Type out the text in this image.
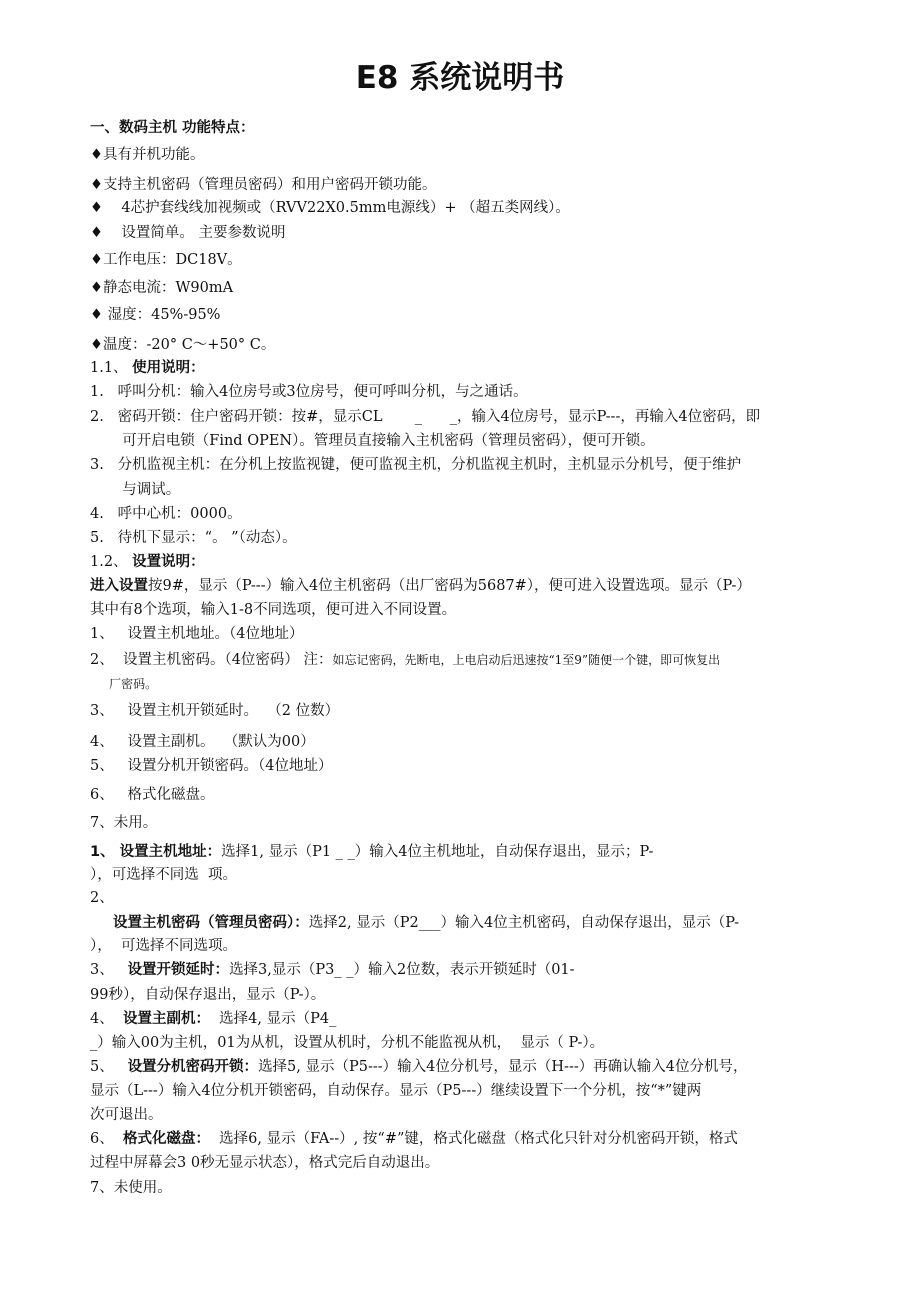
E8 系统说明书
一、数码主机 功能特点：
♦具有并机功能。
♦支持主机密码（管理员密码）和用户密码开锁功能。
♦    4芯护套线线加视频或（RVV22X0.5mm电源线）+ （超五类网线）。
♦    设置简单。 主要参数说明
♦工作电压：DC18V。
♦静态电流：W90mA
♦ 湿度：45%-95%
♦温度：-20° C～+50° C。
1.1、 使用说明：
1.   呼叫分机：输入4位房号或3位房号，便可呼叫分机，与之通话。
2.   密码开锁：住户密码开锁：按#，显示CL       _      _，输入4位房号，显示P---，再输入4位密码，即
可开启电锁（Find OPEN）。管理员直接输入主机密码（管理员密码），便可开锁。
3.   分机监视主机：在分机上按监视键，便可监视主机，分机监视主机时，主机显示分机号，便于维护
与调试。
4.   呼中心机：0000。
5.   待机下显示：“。 ”（动态）。
1.2、 设置说明：
进入设置按9#，显示（P---）输入4位主机密码（出厂密码为5687#），便可进入设置选项。显示（P-）
其中有8个选项，输入1-8不同选项，便可进入不同设置。
1、   设置主机地址。（4位地址）
2、  设置主机密码。（4位密码） 注：如忘记密码，先断电，上电启动后迅速按“1至9”随便一个键，即可恢复出
厂密码。
3、   设置主机开锁延时。  （2 位数）
4、   设置主副机。  （默认为00）
5、   设置分机开锁密码。（4位地址）
6、   格式化磁盘。
7、未用。
1、 设置主机地址：选择1, 显示（P1 _ _）输入4位主机地址，自动保存退出，显示；P-
），可选择不同选  项。
2、
设置主机密码（管理员密码）：选择2, 显示（P2___）输入4位主机密码，自动保存退出，显示（P-
），  可选择不同选项。
3、   设置开锁延时：选择3,显示（P3_ _）输入2位数，表示开锁延时（01-
99秒），自动保存退出，显示（P-）。
4、  设置主副机：  选择4, 显示（P4_
_）输入00为主机，01为从机，设置从机时，分机不能监视从机，  显示（ P-）。
5、   设置分机密码开锁：选择5, 显示（P5---）输入4位分机号，显示（H---）再确认输入4位分机号，
显示（L---）输入4位分机开锁密码，自动保存。显示（P5---）继续设置下一个分机，按“*”键两
次可退出。
6、  格式化磁盘：  选择6, 显示（FA--）, 按“#”键，格式化磁盘（格式化只针对分机密码开锁，格式
过程中屏幕会3 0秒无显示状态），格式完后自动退出。
7、未使用。
